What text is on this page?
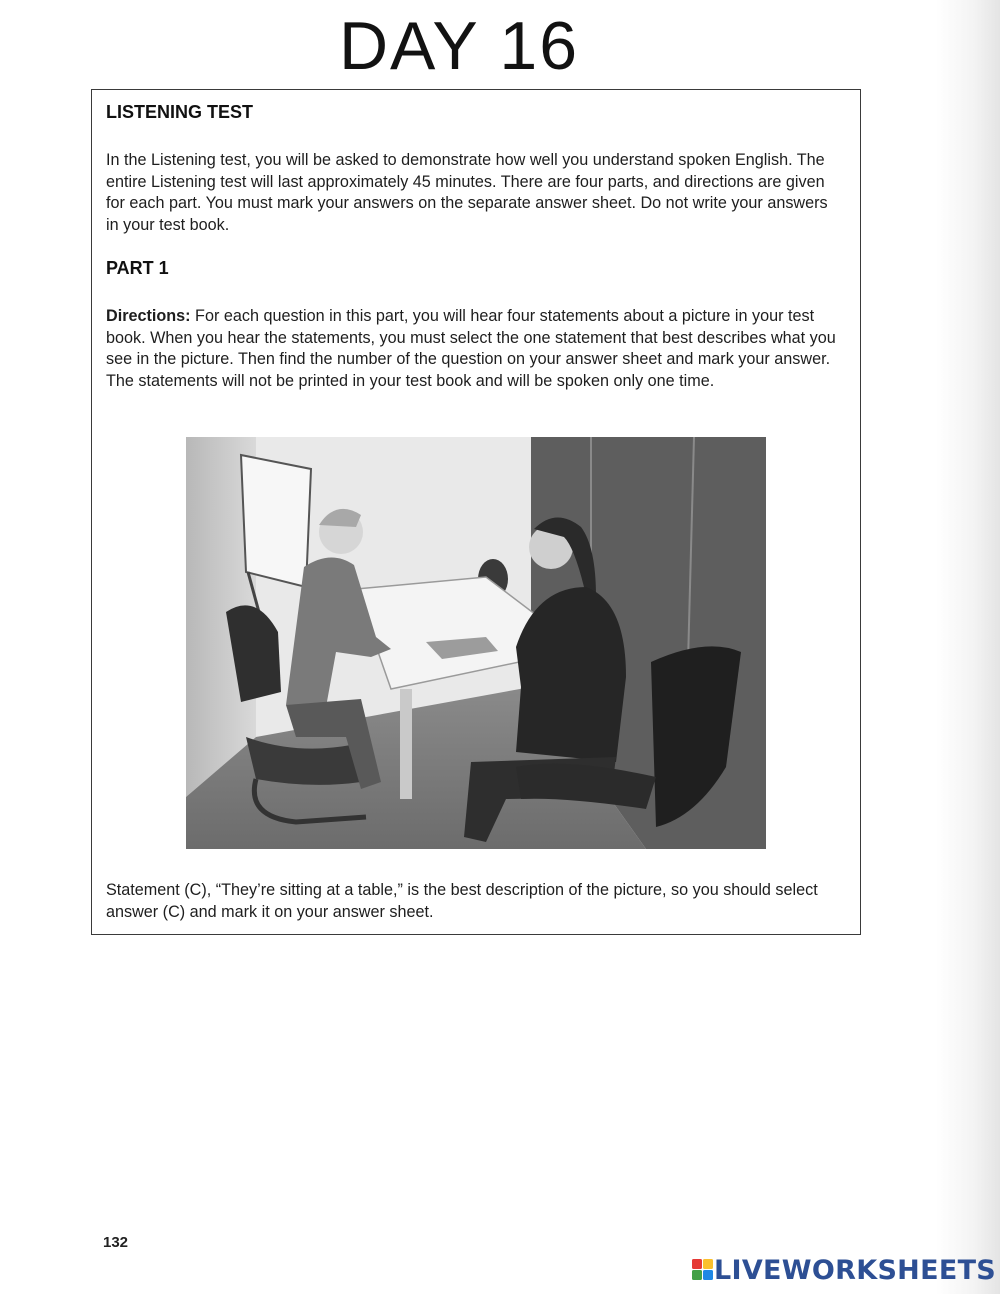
DAY 16
LISTENING TEST
In the Listening test, you will be asked to demonstrate how well you understand spoken English. The entire Listening test will last approximately 45 minutes. There are four parts, and directions are given for each part. You must mark your answers on the separate answer sheet. Do not write your answers in your test book.
PART 1
Directions: For each question in this part, you will hear four statements about a picture in your test book. When you hear the statements, you must select the one statement that best describes what you see in the picture. Then find the number of the question on your answer sheet and mark your answer. The statements will not be printed in your test book and will be spoken only one time.
Statement (C), “They’re sitting at a table,” is the best description of the picture, so you should select answer (C) and mark it on your answer sheet.
132
LIVEWORKSHEETS
